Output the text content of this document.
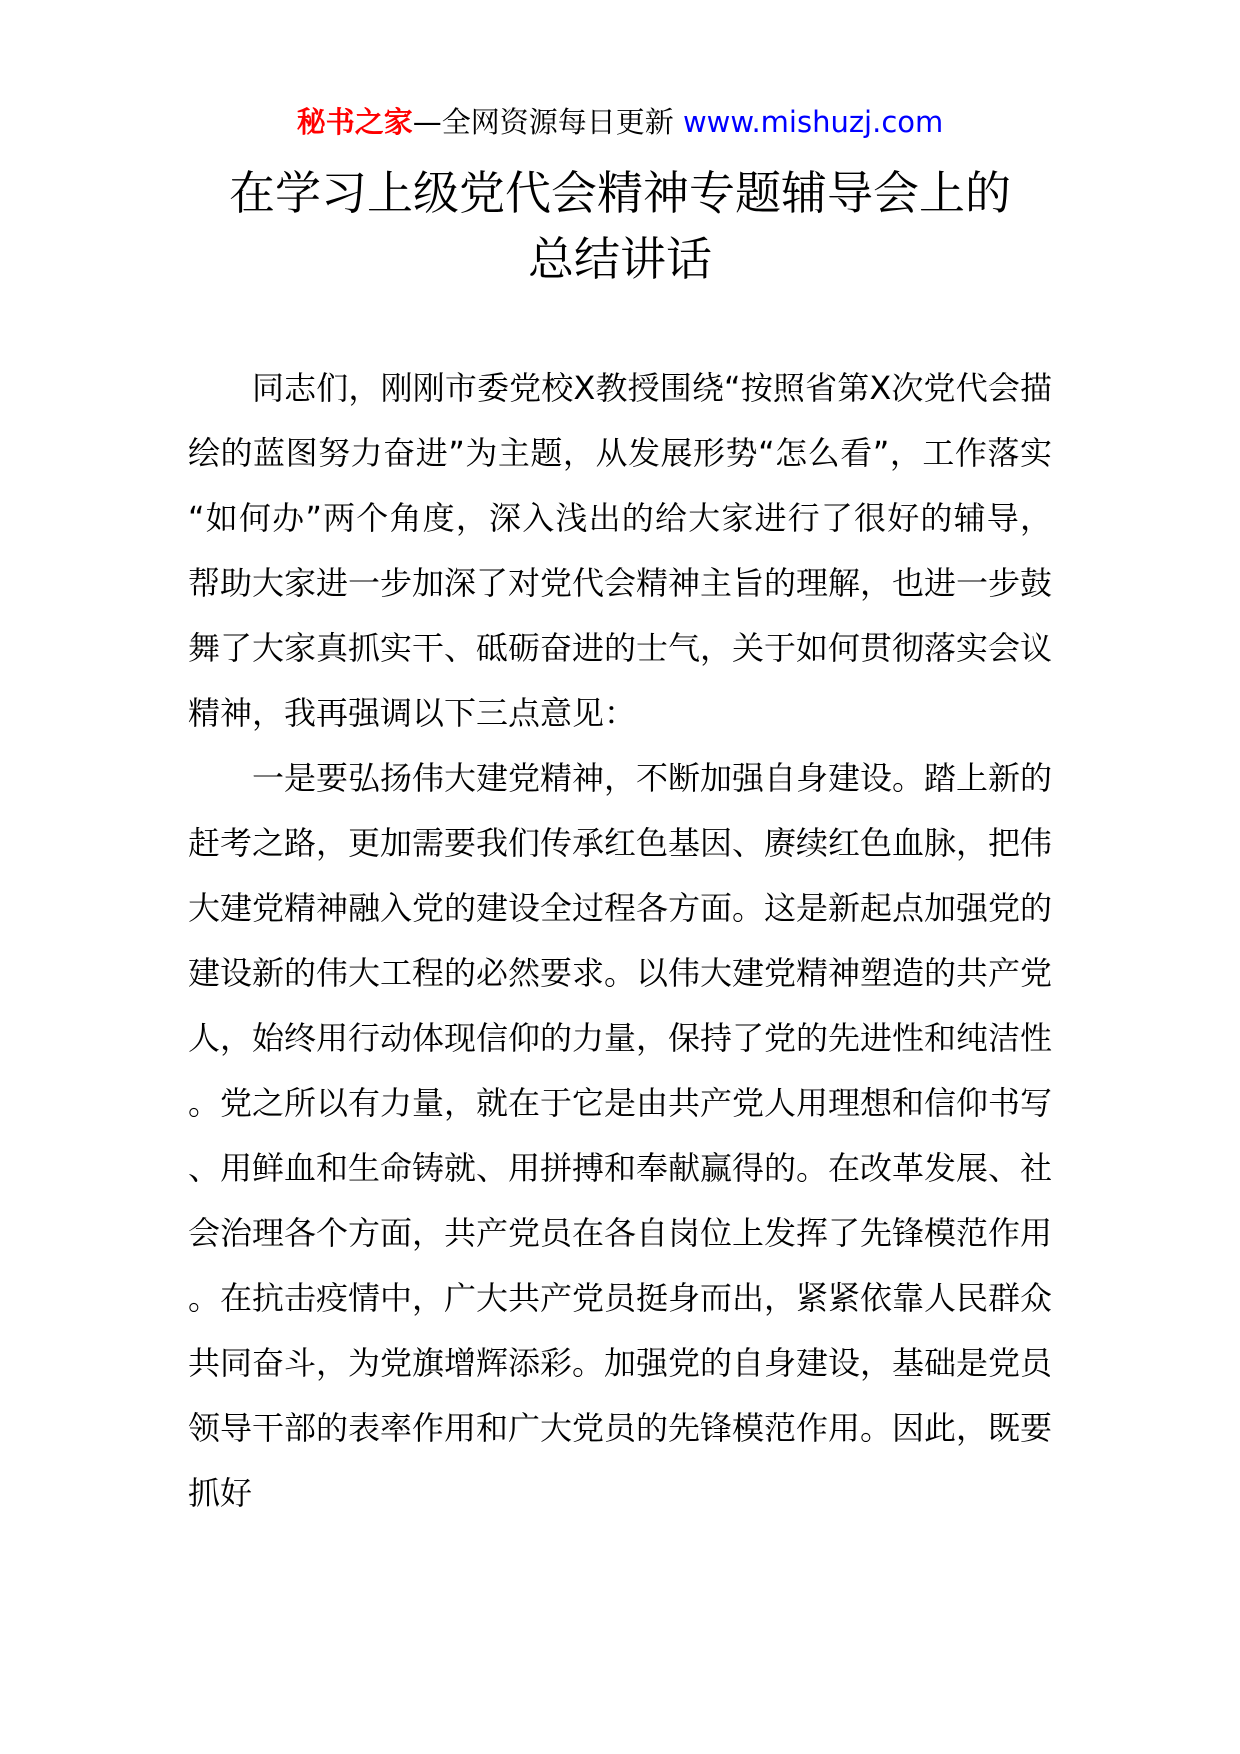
秘书之家—全网资源每日更新 www.mishuzj.com
在学习上级党代会精神专题辅导会上的
总结讲话

同志们，刚刚市委党校X教授围绕“按照省第X次党代会描绘的蓝图努力奋进”为主题，从发展形势“怎么看”，工作落实“如何办”两个角度，深入浅出的给大家进行了很好的辅导，帮助大家进一步加深了对党代会精神主旨的理解，也进一步鼓舞了大家真抓实干、砥砺奋进的士气，关于如何贯彻落实会议精神，我再强调以下三点意见：

一是要弘扬伟大建党精神，不断加强自身建设。踏上新的赶考之路，更加需要我们传承红色基因、赓续红色血脉，把伟大建党精神融入党的建设全过程各方面。这是新起点加强党的建设新的伟大工程的必然要求。以伟大建党精神塑造的共产党人，始终用行动体现信仰的力量，保持了党的先进性和纯洁性。党之所以有力量，就在于它是由共产党人用理想和信仰书写、用鲜血和生命铸就、用拼搏和奉献赢得的。在改革发展、社会治理各个方面，共产党员在各自岗位上发挥了先锋模范作用。在抗击疫情中，广大共产党员挺身而出，紧紧依靠人民群众共同奋斗，为党旗增辉添彩。加强党的自身建设，基础是党员领导干部的表率作用和广大党员的先锋模范作用。因此，既要抓好
